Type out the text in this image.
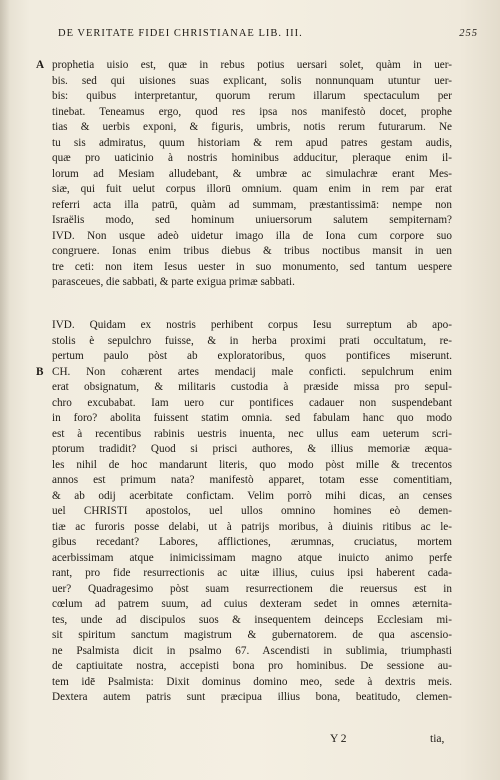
DE VERITATE FIDEI CHRISTIANAE LIB. III.	255
A prophetia uisio est, quæ in rebus potius uersari solet, quàm in uer-
bis. sed qui uisiones suas explicant, solis nonnunquam utuntur uer-
bis: quibus interpretantur, quorum rerum illarum spectaculum per
tinebat. Teneamus ergo, quod res ipsa nos manifestò docet, prophe
tias & uerbis exponi, & figuris, umbris, notis rerum futurarum. Ne
tu sis admiratus, quum historiam & rem apud patres gestam audis,
quæ pro uaticinio à nostris hominibus adducitur, pleraque enim il-
lorum ad Mesiam alludebant, & umbræ ac simulachræ erant Mes-
siæ, qui fuit uelut corpus illorū omnium. quam enim in rem par erat
referri acta illa patrū, quàm ad summam, præstantissimā: nempe non
Israëlis modo, sed hominum uniuersorum salutem sempiternam?
IVD. Non usque adeò uidetur imago illa de Iona cum corpore suo
congruere. Ionas enim tribus diebus & tribus noctibus mansit in uen
tre ceti: non item Iesus uester in suo monumento, sed tantum uespere
parasceues, die sabbati, & parte exigua primæ sabbati.
B
IVD. Quidam ex nostris perhibent corpus Iesu surreptum ab apo-
stolis è sepulchro fuisse, & in herba proximi prati occultatum, re-
pertum paulo pòst ab exploratoribus, quos pontifices miserunt.
CH. Non cohærent artes mendacij male conficti. sepulchrum enim
erat obsignatum, & militaris custodia à præside missa pro sepul-
chro excubabat. Iam uero cur pontifices cadauer non suspendebant
in foro? abolita fuissent statim omnia. sed fabulam hanc quo modo
est à recentibus rabinis uestris inuenta, nec ullus eam ueterum scri-
ptorum tradidit? Quod si prisci authores, & illius memoriæ æqua-
les nihil de hoc mandarunt literis, quo modo pòst mille & trecentos
annos est primum nata? manifestò apparet, totam esse comentitiam,
& ab odij acerbitate confictam. Velim porrò mihi dicas, an censes
uel CHRISTI apostolos, uel ullos omnino homines eò demen-
tiæ ac furoris posse delabi, ut à patrijs moribus, à diuinis ritibus ac le-
gibus recedant? Labores, afflictiones, ærumnas, cruciatus, mortem
acerbissimam atque inimicissimam magno atque inuicto animo perfe
rant, pro fide resurrectionis ac uitæ illius, cuius ipsi haberent cada-
uer? Quadragesimo pòst suam resurrectionem die reuersus est in
cœlum ad patrem suum, ad cuius dexteram sedet in omnes æternita-
tes, unde ad discipulos suos & insequentem deinceps Ecclesiam mi-
sit spiritum sanctum magistrum & gubernatorem. de qua ascensio-
ne Psalmista dicit in psalmo 67. Ascendisti in sublimia, triumphasti
de captiuitate nostra, accepisti bona pro hominibus. De sessione au-
tem idē Psalmista: Dixit dominus domino meo, sede à dextris meis.
Dextera autem patris sunt præcipua illius bona, beatitudo, clemen-
Y 2	tia,
